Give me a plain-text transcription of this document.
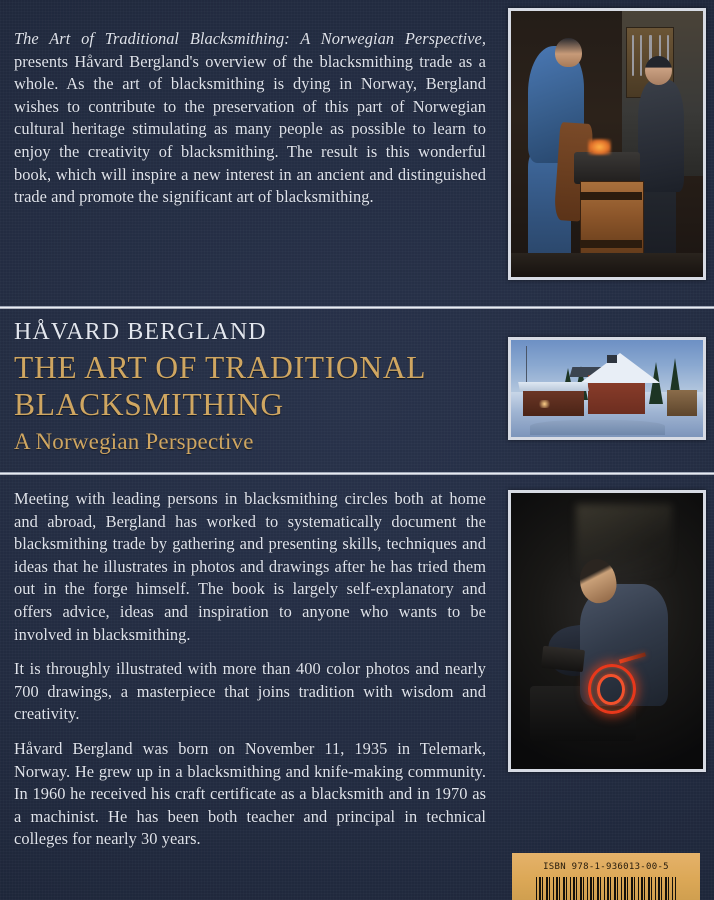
The Art of Traditional Blacksmithing: A Norwegian Perspective, presents Håvard Bergland's overview of the blacksmithing trade as a whole. As the art of blacksmithing is dying in Norway, Bergland wishes to contribute to the preservation of this part of Norwegian cultural heritage stimulating as many people as possible to learn to enjoy the creativity of blacksmithing. The result is this wonderful book, which will inspire a new interest in an ancient and distinguished trade and promote the significant art of blacksmithing.

HÅVARD BERGLAND
THE ART OF TRADITIONAL
BLACKSMITHING
A Norwegian Perspective

Meeting with leading persons in blacksmithing circles both at home and abroad, Bergland has worked to systematically document the blacksmithing trade by gathering and presenting skills, techniques and ideas that he illustrates in photos and drawings after he has tried them out in the forge himself. The book is largely self-explanatory and offers advice, ideas and inspiration to anyone who wants to be involved in blacksmithing.

It is throughly illustrated with more than 400 color photos and nearly 700 drawings, a masterpiece that joins tradition with wisdom and creativity.

Håvard Bergland was born on November 11, 1935 in Telemark, Norway. He grew up in a blacksmithing and knife-making community. In 1960 he received his craft certificate as a blacksmith and in 1970 as a machinist. He has been both teacher and principal in technical colleges for nearly 30 years.

ISBN 978-1-936013-00-5
